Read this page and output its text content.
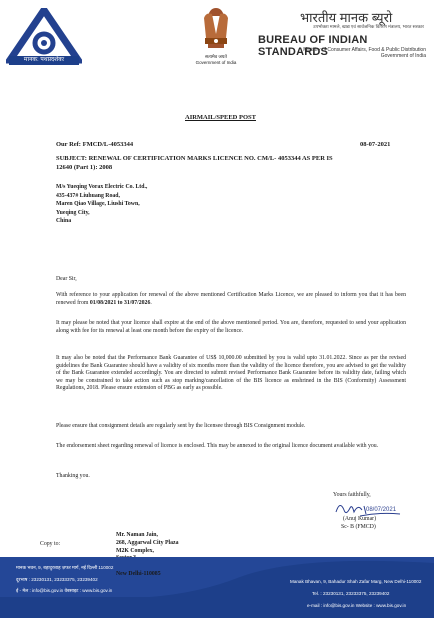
मानक: पथप्रदर्शकः
सत्यमेव जयते
Government of India
भारतीय मानक ब्यूरो
उपभोक्ता मामले, खाद्य एवं सार्वजनिक वितरण मंत्रालय, भारत सरकार
BUREAU OF INDIAN STANDARDS
Ministry of Consumer Affairs, Food & Public Distribution
Government of India
AIRMAIL/SPEED POST
Our Ref: FMCD/L-4053344	08-07-2021
SUBJECT: RENEWAL OF CERTIFICATION MARKS LICENCE NO. CM/L- 4053344 AS PER IS
12640 (Part 1): 2008
M/s Yueqing Vorax Electric Co. Ltd.,
435-437# Liuhuang Road,
Maren Qiao Village, Liushi Town,
Yueqing City,
China
Dear Sir,
With reference to your application for renewal of the above mentioned Certification Marks Licence, we are pleased to inform you that it has been renewed from 01/08/2021 to 31/07/2026.
It may please be noted that your licence shall expire at the end of the above mentioned period. You are, therefore, requested to send your application along with fee for its renewal at least one month before the expiry of the licence.
It may also be noted that the Performance Bank Guarantee of US$ 10,000.00 submitted by you is valid upto 31.01.2022. Since as per the revised guidelines the Bank Guarantee should have a validity of six months more than the validity of the licence therefore, you are advised to get the validity of the Bank Guarantee extended accordingly. You are directed to submit revised Performance Bank Guarantee before its validity date, failing which we may be constrained to take action such as stop marking/cancellation of the BIS licence as enshrined in the BIS (Conformity) Assessment Regulations, 2018. Please ensure extension of PBG as early as possible.
Please ensure that consignment details are regularly sent by the licensee through BIS Consignment module.
The endorsement sheet regarding renewal of licence is enclosed. This may be annexed to the original licence document available with you.
Thanking you.
Yours faithfully,
08/07/2021
(Anuj Kumar)
Sc- B (FMCD)
Copy to:
Mr. Naman Jain,
268, Aggarwal City Plaza
M2K Complex,
New Delhi-110085
मानक भवन, 9, बहादुरशाह ज़फर मार्ग, नई दिल्ली 110002
दूरभाष : 23230131, 23233375, 23239402
ई - मेल : info@bis.gov.in वेबसाइट : www.bis.gov.in
Manak Bhavan, 9, Bahadur Shah Zafar Marg, New Delhi-110002
Tel. : 23230131, 23233375, 23239402
e-mail : info@bis.gov.in Website : www.bis.gov.in
